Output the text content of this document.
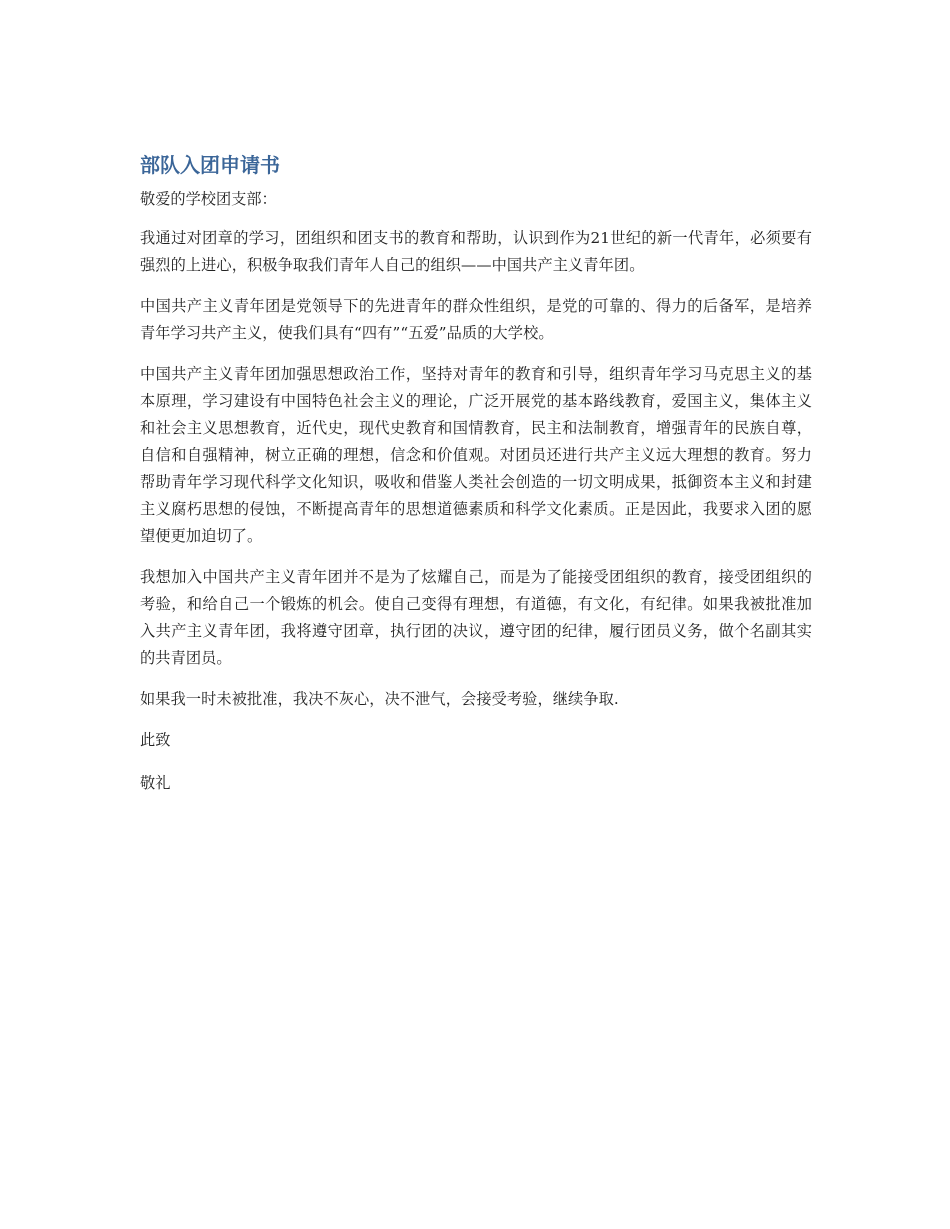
部队入团申请书

敬爱的学校团支部：

我通过对团章的学习，团组织和团支书的教育和帮助，认识到作为21世纪的新一代青年，必须要有强烈的上进心，积极争取我们青年人自己的组织——中国共产主义青年团。

中国共产主义青年团是党领导下的先进青年的群众性组织，是党的可靠的、得力的后备军，是培养青年学习共产主义，使我们具有“四有”“五爱”品质的大学校。

中国共产主义青年团加强思想政治工作，坚持对青年的教育和引导，组织青年学习马克思主义的基本原理，学习建设有中国特色社会主义的理论，广泛开展党的基本路线教育，爱国主义，集体主义和社会主义思想教育，近代史，现代史教育和国情教育，民主和法制教育，增强青年的民族自尊，自信和自强精神，树立正确的理想，信念和价值观。对团员还进行共产主义远大理想的教育。努力帮助青年学习现代科学文化知识，吸收和借鉴人类社会创造的一切文明成果，抵御资本主义和封建主义腐朽思想的侵蚀，不断提高青年的思想道德素质和科学文化素质。正是因此，我要求入团的愿望便更加迫切了。

我想加入中国共产主义青年团并不是为了炫耀自己，而是为了能接受团组织的教育，接受团组织的考验，和给自己一个锻炼的机会。使自己变得有理想，有道德，有文化，有纪律。如果我被批准加入共产主义青年团，我将遵守团章，执行团的决议，遵守团的纪律，履行团员义务，做个名副其实的共青团员。

如果我一时未被批准，我决不灰心，决不泄气，会接受考验，继续争取.

此致

敬礼
